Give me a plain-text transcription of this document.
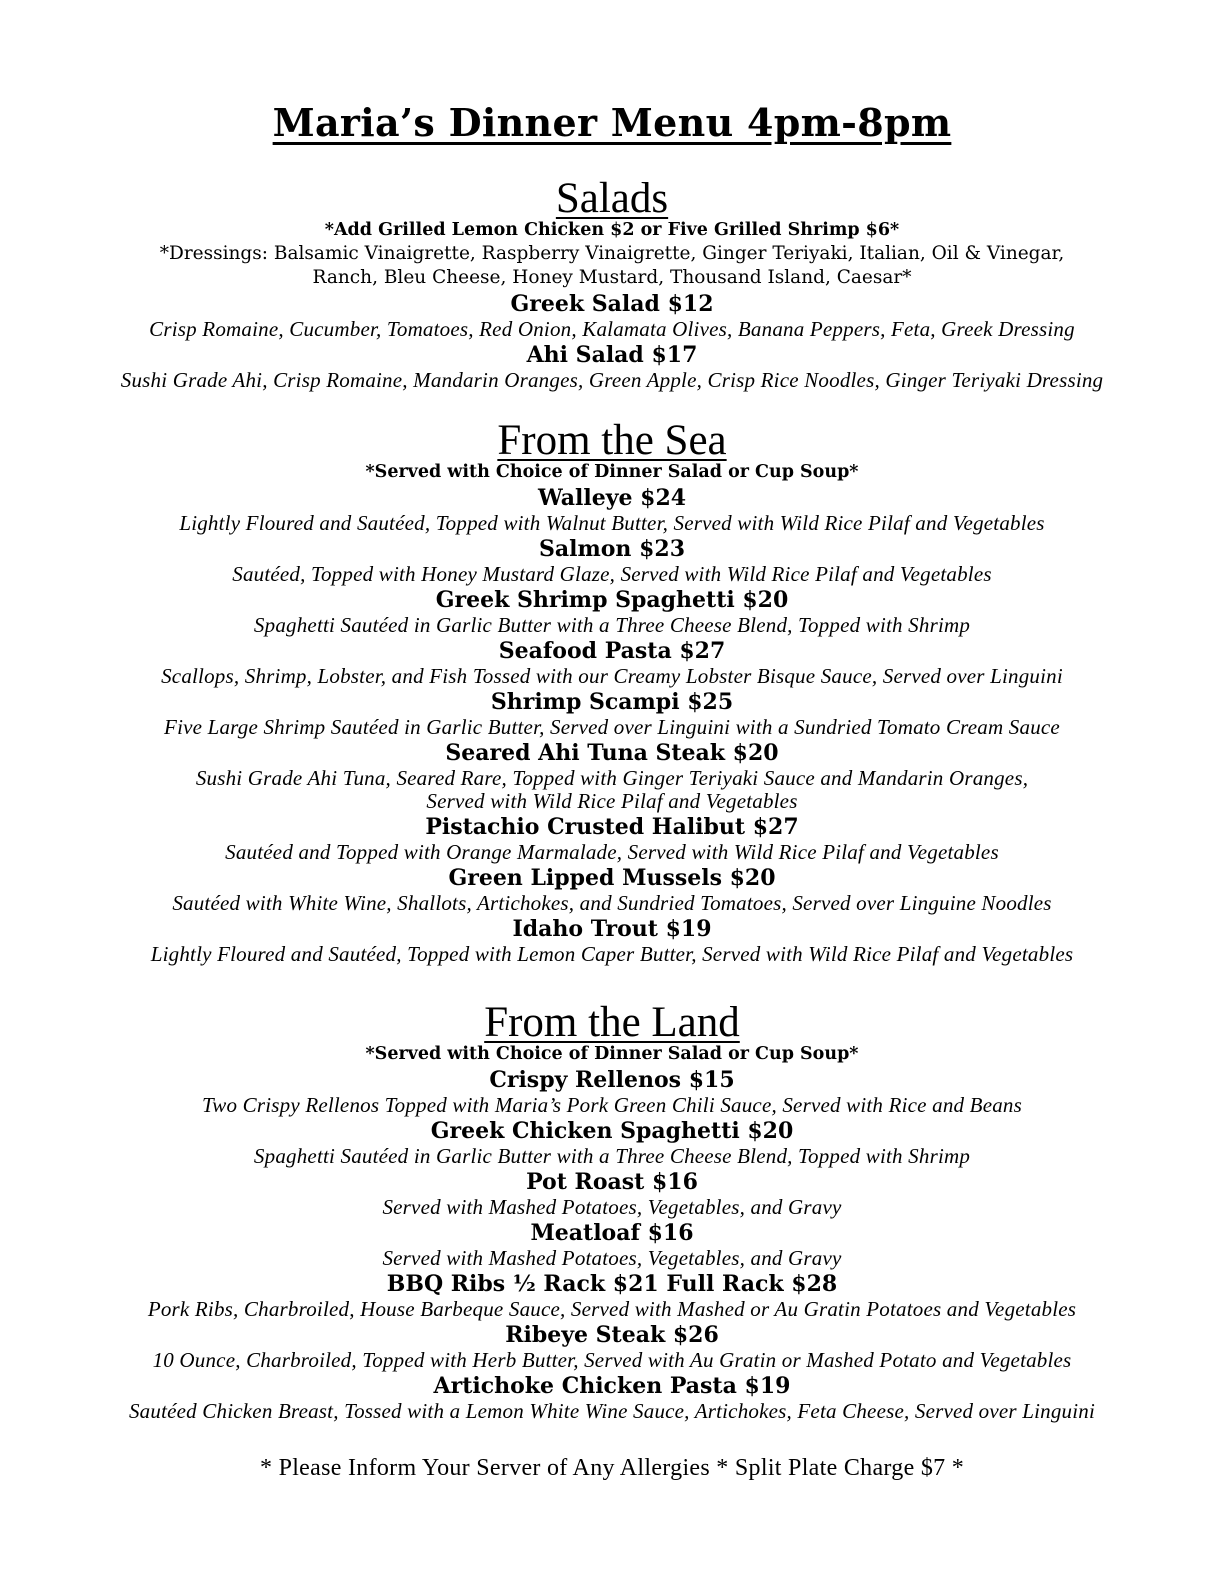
Maria’s Dinner Menu 4pm-8pm
Salads
*Add Grilled Lemon Chicken $2 or Five Grilled Shrimp $6*
*Dressings: Balsamic Vinaigrette, Raspberry Vinaigrette, Ginger Teriyaki, Italian, Oil & Vinegar,
Ranch, Bleu Cheese, Honey Mustard, Thousand Island, Caesar*
Greek Salad $12
Crisp Romaine, Cucumber, Tomatoes, Red Onion, Kalamata Olives, Banana Peppers, Feta, Greek Dressing
Ahi Salad $17
Sushi Grade Ahi, Crisp Romaine, Mandarin Oranges, Green Apple, Crisp Rice Noodles, Ginger Teriyaki Dressing
From the Sea
*Served with Choice of Dinner Salad or Cup Soup*
Walleye $24
Lightly Floured and Sautéed, Topped with Walnut Butter, Served with Wild Rice Pilaf and Vegetables
Salmon $23
Sautéed, Topped with Honey Mustard Glaze, Served with Wild Rice Pilaf and Vegetables
Greek Shrimp Spaghetti $20
Spaghetti Sautéed in Garlic Butter with a Three Cheese Blend, Topped with Shrimp
Seafood Pasta $27
Scallops, Shrimp, Lobster, and Fish Tossed with our Creamy Lobster Bisque Sauce, Served over Linguini
Shrimp Scampi $25
Five Large Shrimp Sautéed in Garlic Butter, Served over Linguini with a Sundried Tomato Cream Sauce
Seared Ahi Tuna Steak $20
Sushi Grade Ahi Tuna, Seared Rare, Topped with Ginger Teriyaki Sauce and Mandarin Oranges,
Served with Wild Rice Pilaf and Vegetables
Pistachio Crusted Halibut $27
Sautéed and Topped with Orange Marmalade, Served with Wild Rice Pilaf and Vegetables
Green Lipped Mussels $20
Sautéed with White Wine, Shallots, Artichokes, and Sundried Tomatoes, Served over Linguine Noodles
Idaho Trout $19
Lightly Floured and Sautéed, Topped with Lemon Caper Butter, Served with Wild Rice Pilaf and Vegetables
From the Land
*Served with Choice of Dinner Salad or Cup Soup*
Crispy Rellenos $15
Two Crispy Rellenos Topped with Maria’s Pork Green Chili Sauce, Served with Rice and Beans
Greek Chicken Spaghetti $20
Spaghetti Sautéed in Garlic Butter with a Three Cheese Blend, Topped with Shrimp
Pot Roast $16
Served with Mashed Potatoes, Vegetables, and Gravy
Meatloaf $16
Served with Mashed Potatoes, Vegetables, and Gravy
BBQ Ribs ½ Rack $21 Full Rack $28
Pork Ribs, Charbroiled, House Barbeque Sauce, Served with Mashed or Au Gratin Potatoes and Vegetables
Ribeye Steak $26
10 Ounce, Charbroiled, Topped with Herb Butter, Served with Au Gratin or Mashed Potato and Vegetables
Artichoke Chicken Pasta $19
Sautéed Chicken Breast, Tossed with a Lemon White Wine Sauce, Artichokes, Feta Cheese, Served over Linguini
* Please Inform Your Server of Any Allergies * Split Plate Charge $7 *
